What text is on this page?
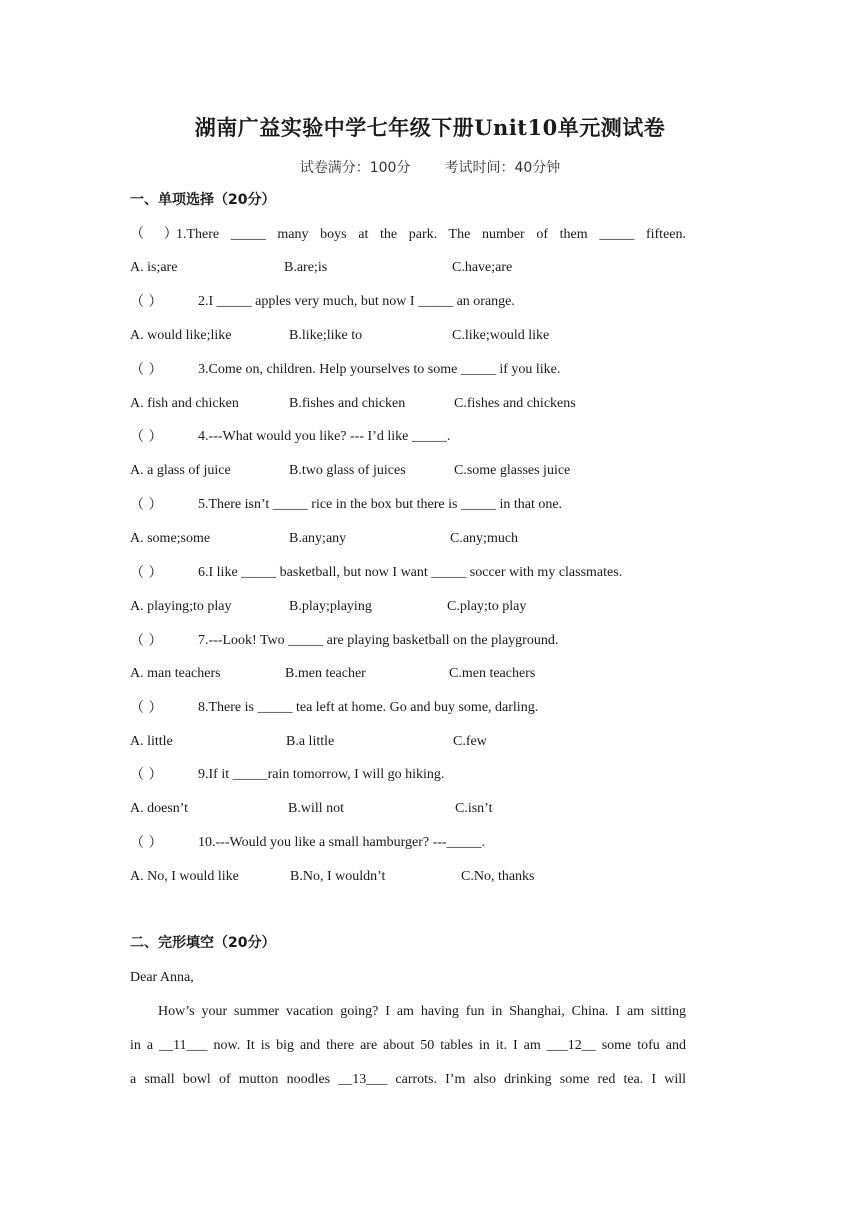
湖南广益实验中学七年级下册Unit10单元测试卷
试卷满分：100分 考试时间：40分钟
一、单项选择（20分）
（ ）1.There _____ many boys at the park. The number of them _____ fifteen.
A. is;are	B.are;is	C.have;are
（ ）	2.I _____ apples very much, but now I _____ an orange.
A. would like;like	B.like;like to	C.like;would like
（ ）	3.Come on, children. Help yourselves to some _____ if you like.
A. fish and chicken	B.fishes and chicken	C.fishes and chickens
（ ）	4.---What would you like? --- I’d like _____.
A. a glass of juice	B.two glass of juices	C.some glasses juice
（ ）	5.There isn’t _____ rice in the box but there is _____ in that one.
A. some;some	B.any;any	C.any;much
（ ）	6.I like _____ basketball, but now I want _____ soccer with my classmates.
A. playing;to play	B.play;playing	C.play;to play
（ ）	7.---Look! Two _____ are playing basketball on the playground.
A. man teachers	B.men teacher	C.men teachers
（ ）	8.There is _____ tea left at home. Go and buy some, darling.
A. little	B.a little	C.few
（ ）	9.If it _____rain tomorrow, I will go hiking.
A. doesn’t	B.will not	C.isn’t
（ ）	10.---Would you like a small hamburger? ---_____.
A. No, I would like	B.No, I wouldn’t	C.No, thanks
二、完形填空（20分）
Dear Anna,
How’s your summer vacation going? I am having fun in Shanghai, China. I am sitting
in a __11___ now. It is big and there are about 50 tables in it. I am ___12__ some tofu and
a small bowl of mutton noodles __13___ carrots. I’m also drinking some red tea. I will
